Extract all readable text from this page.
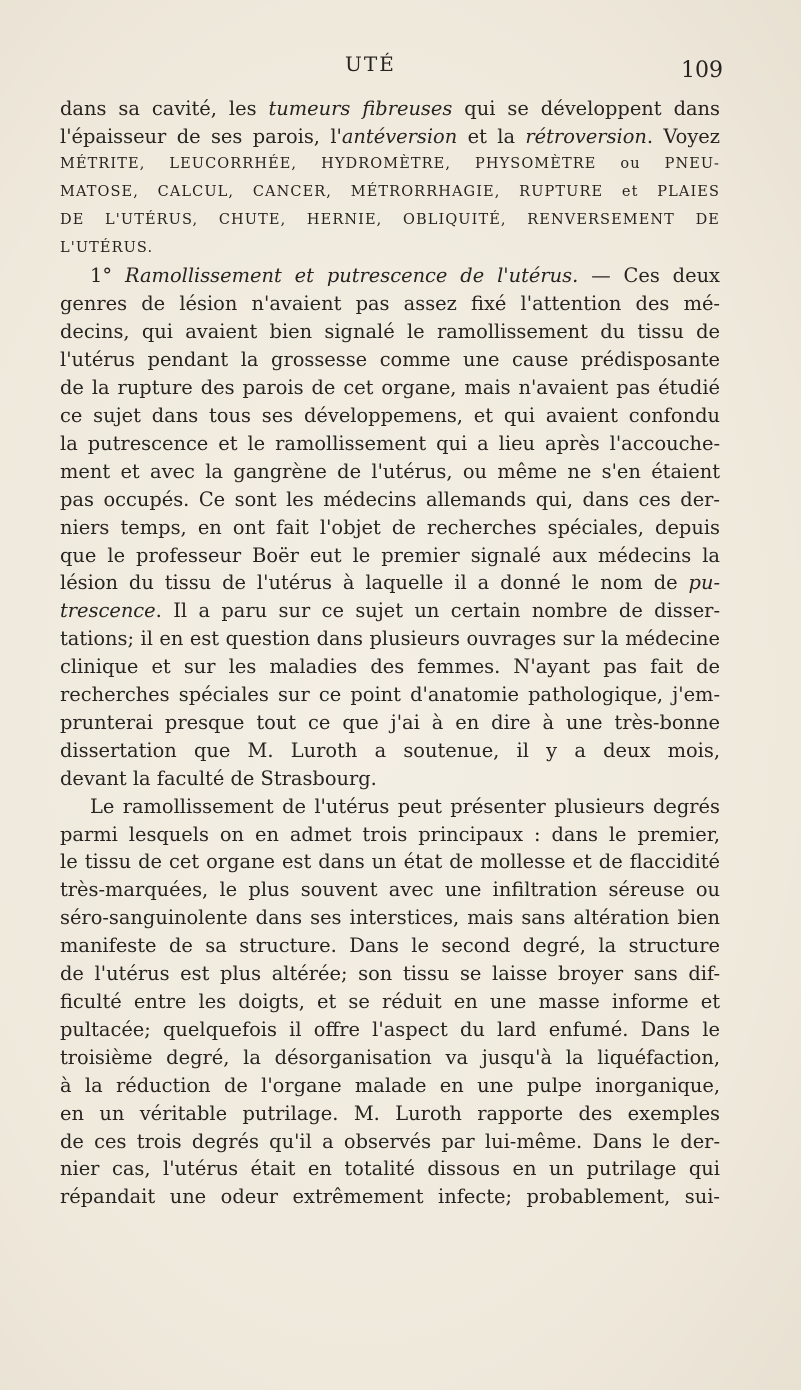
UTÉ	109
dans sa cavité, les tumeurs fibreuses qui se développent dans
l'épaisseur de ses parois, l'antéversion et la rétroversion. Voyez
MÉTRITE, LEUCORRHÉE, HYDROMÈTRE, PHYSOMÈTRE ou PNEU-
MATOSE, CALCUL, CANCER, MÉTRORRHAGIE, RUPTURE et PLAIES
DE L'UTÉRUS, CHUTE, HERNIE, OBLIQUITÉ, RENVERSEMENT DE
L'UTÉRUS.
1° Ramollissement et putrescence de l'utérus. — Ces deux
genres de lésion n'avaient pas assez fixé l'attention des mé-
decins, qui avaient bien signalé le ramollissement du tissu de
l'utérus pendant la grossesse comme une cause prédisposante
de la rupture des parois de cet organe, mais n'avaient pas étudié
ce sujet dans tous ses développemens, et qui avaient confondu
la putrescence et le ramollissement qui a lieu après l'accouche-
ment et avec la gangrène de l'utérus, ou même ne s'en étaient
pas occupés. Ce sont les médecins allemands qui, dans ces der-
niers temps, en ont fait l'objet de recherches spéciales, depuis
que le professeur Boër eut le premier signalé aux médecins la
lésion du tissu de l'utérus à laquelle il a donné le nom de pu-
trescence. Il a paru sur ce sujet un certain nombre de disser-
tations; il en est question dans plusieurs ouvrages sur la médecine
clinique et sur les maladies des femmes. N'ayant pas fait de
recherches spéciales sur ce point d'anatomie pathologique, j'em-
prunterai presque tout ce que j'ai à en dire à une très-bonne
dissertation que M. Luroth a soutenue, il y a deux mois,
devant la faculté de Strasbourg.
Le ramollissement de l'utérus peut présenter plusieurs degrés
parmi lesquels on en admet trois principaux : dans le premier,
le tissu de cet organe est dans un état de mollesse et de flaccidité
très-marquées, le plus souvent avec une infiltration séreuse ou
séro-sanguinolente dans ses interstices, mais sans altération bien
manifeste de sa structure. Dans le second degré, la structure
de l'utérus est plus altérée; son tissu se laisse broyer sans dif-
ficulté entre les doigts, et se réduit en une masse informe et
pultacée; quelquefois il offre l'aspect du lard enfumé. Dans le
troisième degré, la désorganisation va jusqu'à la liquéfaction,
à la réduction de l'organe malade en une pulpe inorganique,
en un véritable putrilage. M. Luroth rapporte des exemples
de ces trois degrés qu'il a observés par lui-même. Dans le der-
nier cas, l'utérus était en totalité dissous en un putrilage qui
répandait une odeur extrêmement infecte; probablement, sui-
